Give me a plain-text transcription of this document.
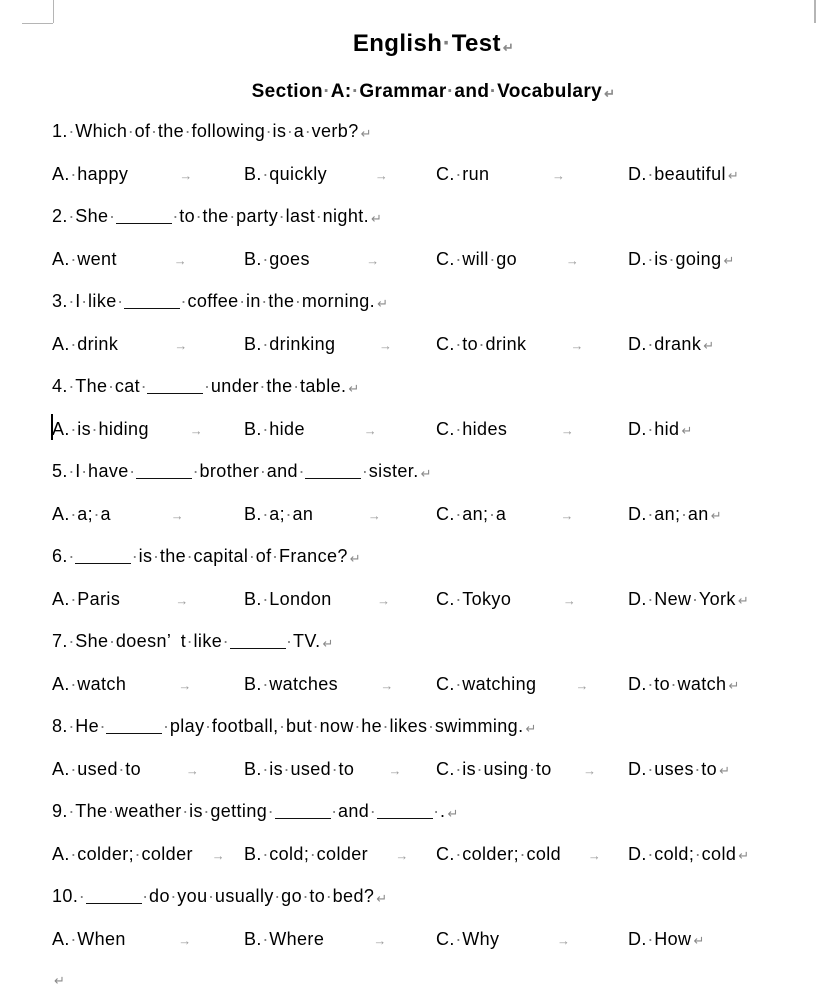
English·Test ↵
Section·A:·Grammar·and·Vocabulary ↵
1.·Which·of·the·following·is·a·verb? ↵
A.·happy	→	B.·quickly	→	C.·run	→	D.·beautiful ↵
2.·She·	·to·the·party·last·night. ↵
A.·went	→	B.·goes	→	C.·will·go	→	D.·is·going ↵
3.·I·like·	·coffee·in·the·morning. ↵
A.·drink	→	B.·drinking	→	C.·to·drink	→	D.·drank ↵
4.·The·cat·	·under·the·table. ↵
A.·is·hiding	→	B.·hide	→	C.·hides	→	D.·hid ↵
5.·I·have·	·brother·and·	·sister. ↵
A.·a;·a	→	B.·a;·an	→	C.·an;·a	→	D.·an;·an ↵
6.·	·is·the·capital·of·France? ↵
A.·Paris	→	B.·London	→	C.·Tokyo	→	D.·New·York ↵
7.·She·doesn’  t·like·	·TV. ↵
A.·watch	→	B.·watches	→	C.·watching	→	D.·to·watch ↵
8.·He·	·play·football,·but·now·he·likes·swimming. ↵
A.·used·to	→	B.·is·used·to	→	C.·is·using·to	→	D.·uses·to ↵
9.·The·weather·is·getting·	·and·	·. ↵
A.·colder;·colder	→	B.·cold;·colder	→	C.·colder;·cold	→	D.·cold;·cold ↵
10.·	·do·you·usually·go·to·bed? ↵
A.·When	→	B.·Where	→	C.·Why	→	D.·How ↵
↵
